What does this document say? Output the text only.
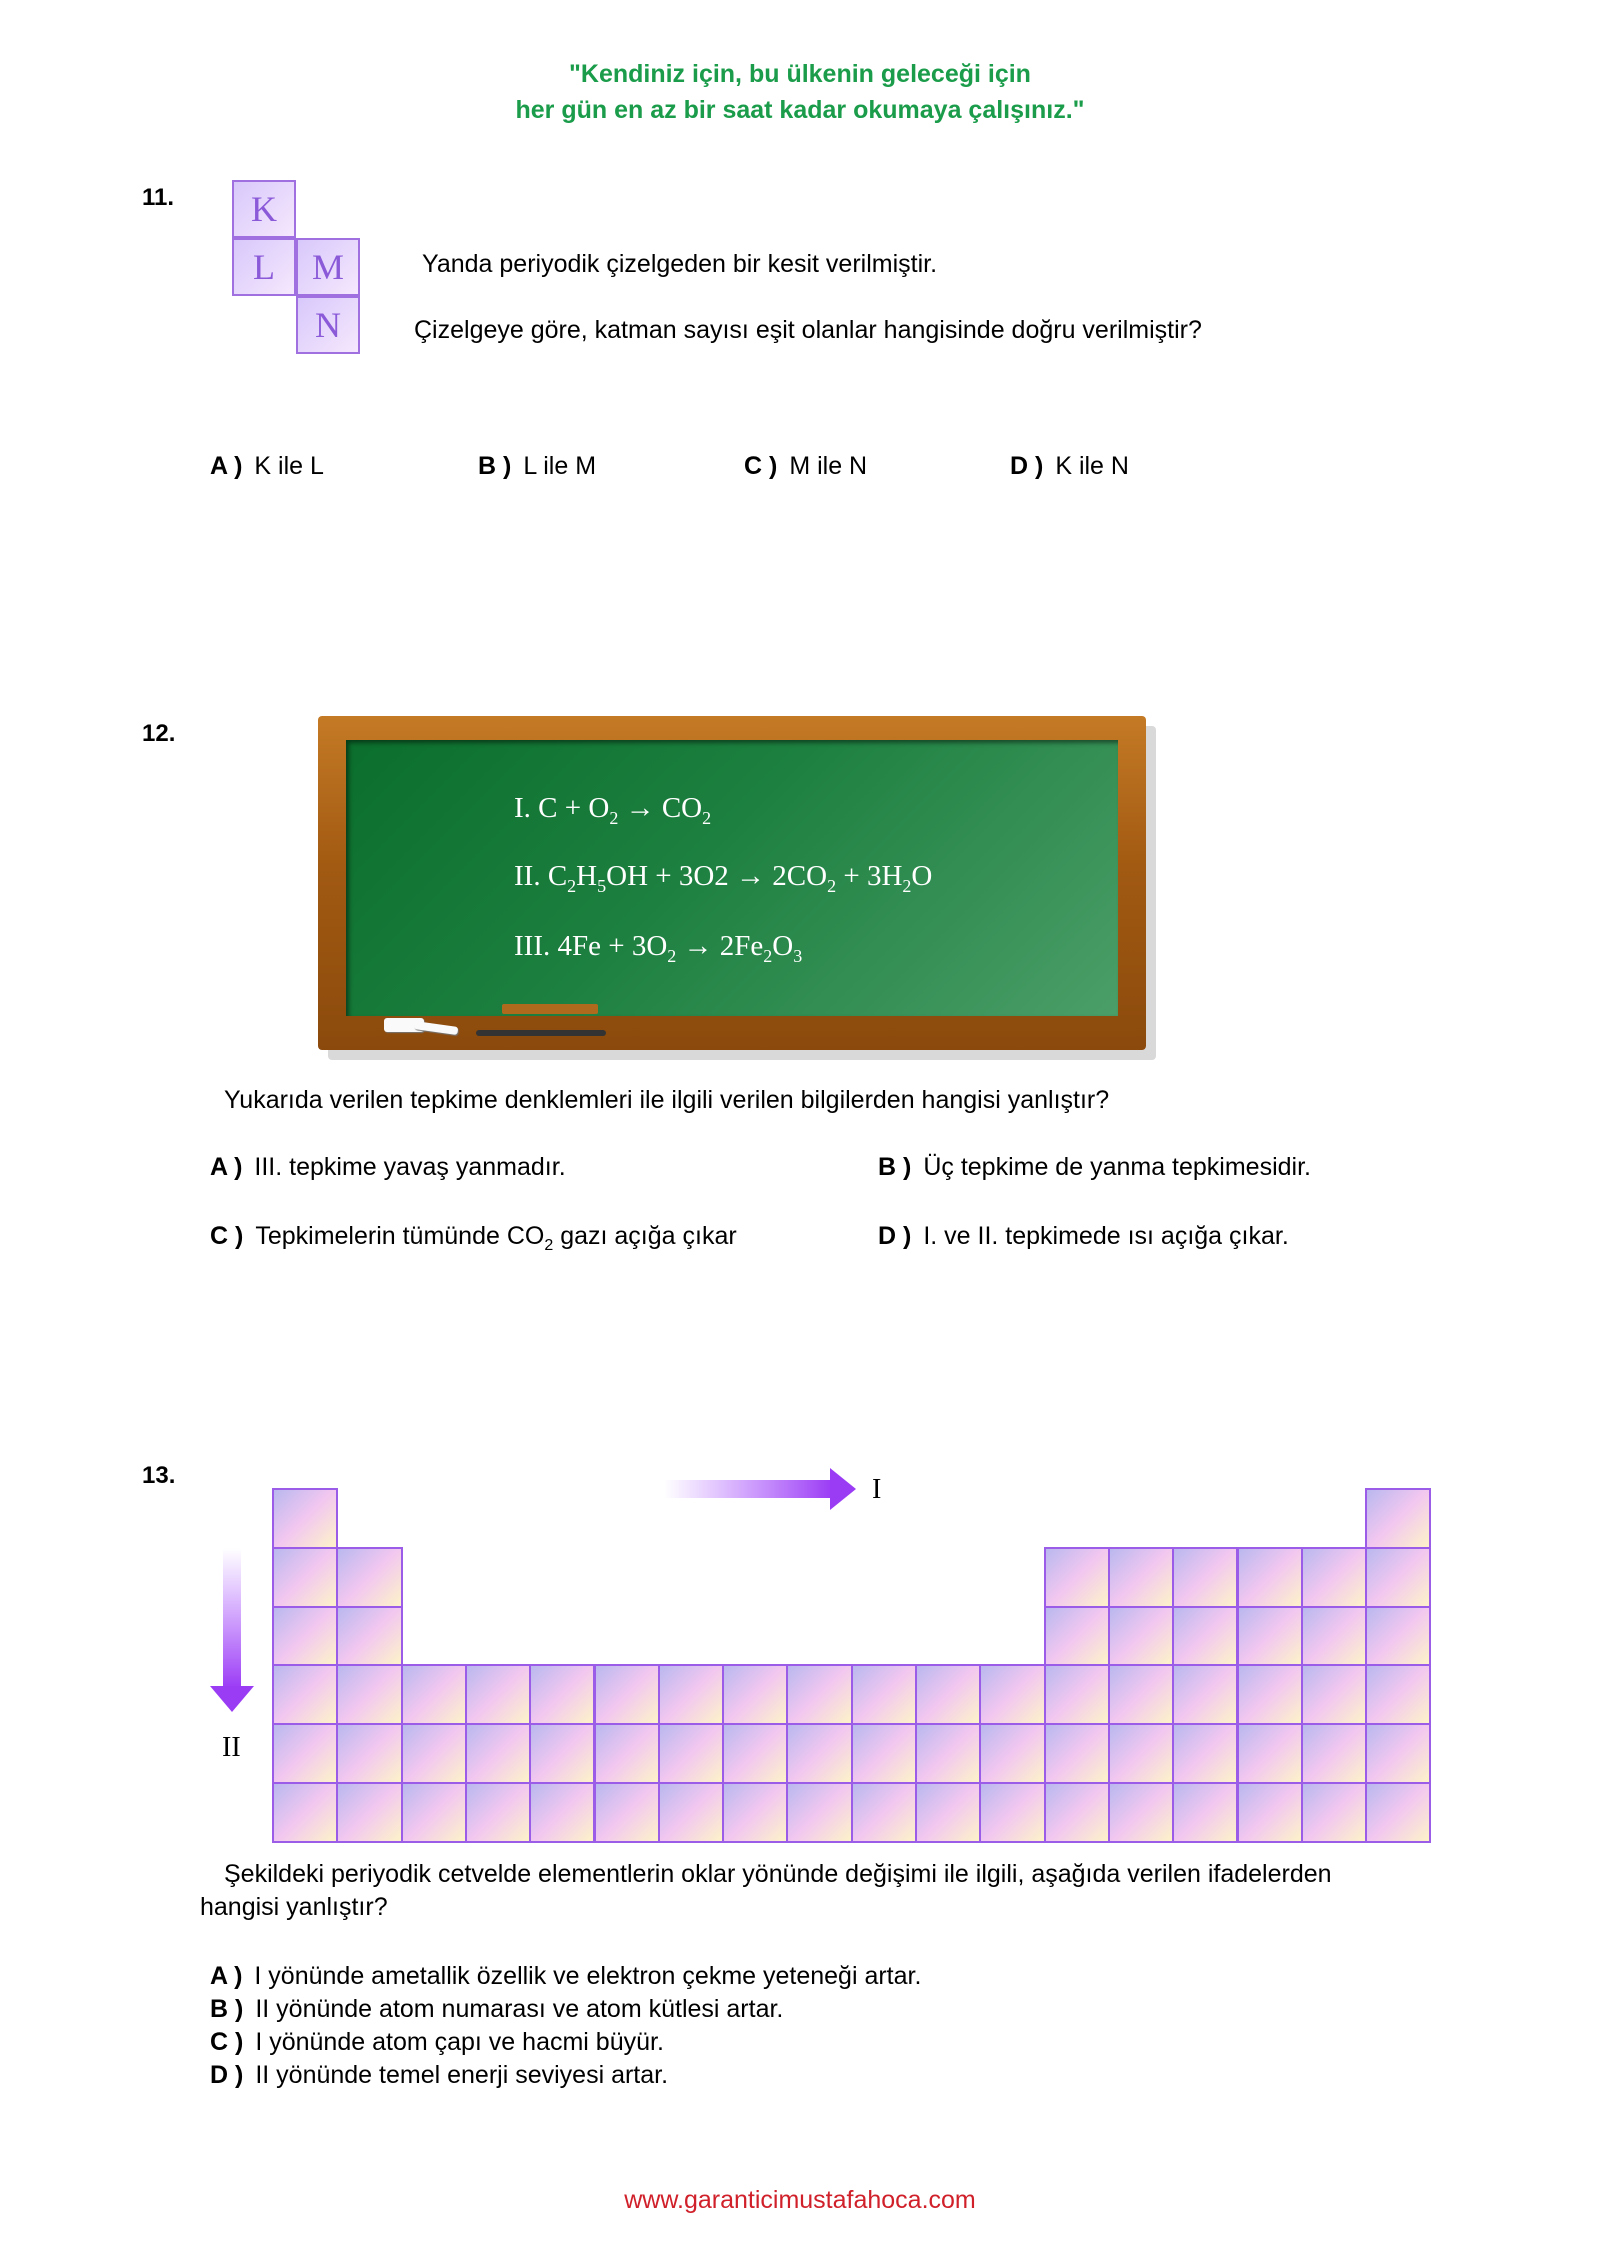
"Kendiniz için, bu ülkenin geleceği için
her gün en az bir saat kadar okumaya çalışınız."
11.	K
L	M
N
Yanda periyodik çizelgeden bir kesit verilmiştir.
Çizelgeye göre, katman sayısı eşit olanlar hangisinde doğru verilmiştir?
A ) K ile L	B ) L ile M	C ) M ile N	D ) K ile N
12.
I. $C + O_2 \to CO_2$
II. $C_2H_5OH + 3O2 \to 2CO_2 + 3H_2O$
III. $4Fe + 3O_2 \to 2Fe_2O_3$
Yukarıda verilen tepkime denklemleri ile ilgili verilen bilgilerden hangisi yanlıştır?
A ) III. tepkime yavaş yanmadır.	B ) Üç tepkime de yanma tepkimesidir.
C ) Tepkimelerin tümünde $CO_2$ gazı açığa çıkar	D ) I. ve II. tepkimede ısı açığa çıkar.
13.	I
II
Şekildeki periyodik cetvelde elementlerin oklar yönünde değişimi ile ilgili, aşağıda verilen ifadelerden
hangisi yanlıştır?
A ) I yönünde ametallik özellik ve elektron çekme yeteneği artar.
B ) II yönünde atom numarası ve atom kütlesi artar.
C ) I yönünde atom çapı ve hacmi büyür.
D ) II yönünde temel enerji seviyesi artar.
www.garanticimustafahoca.com
